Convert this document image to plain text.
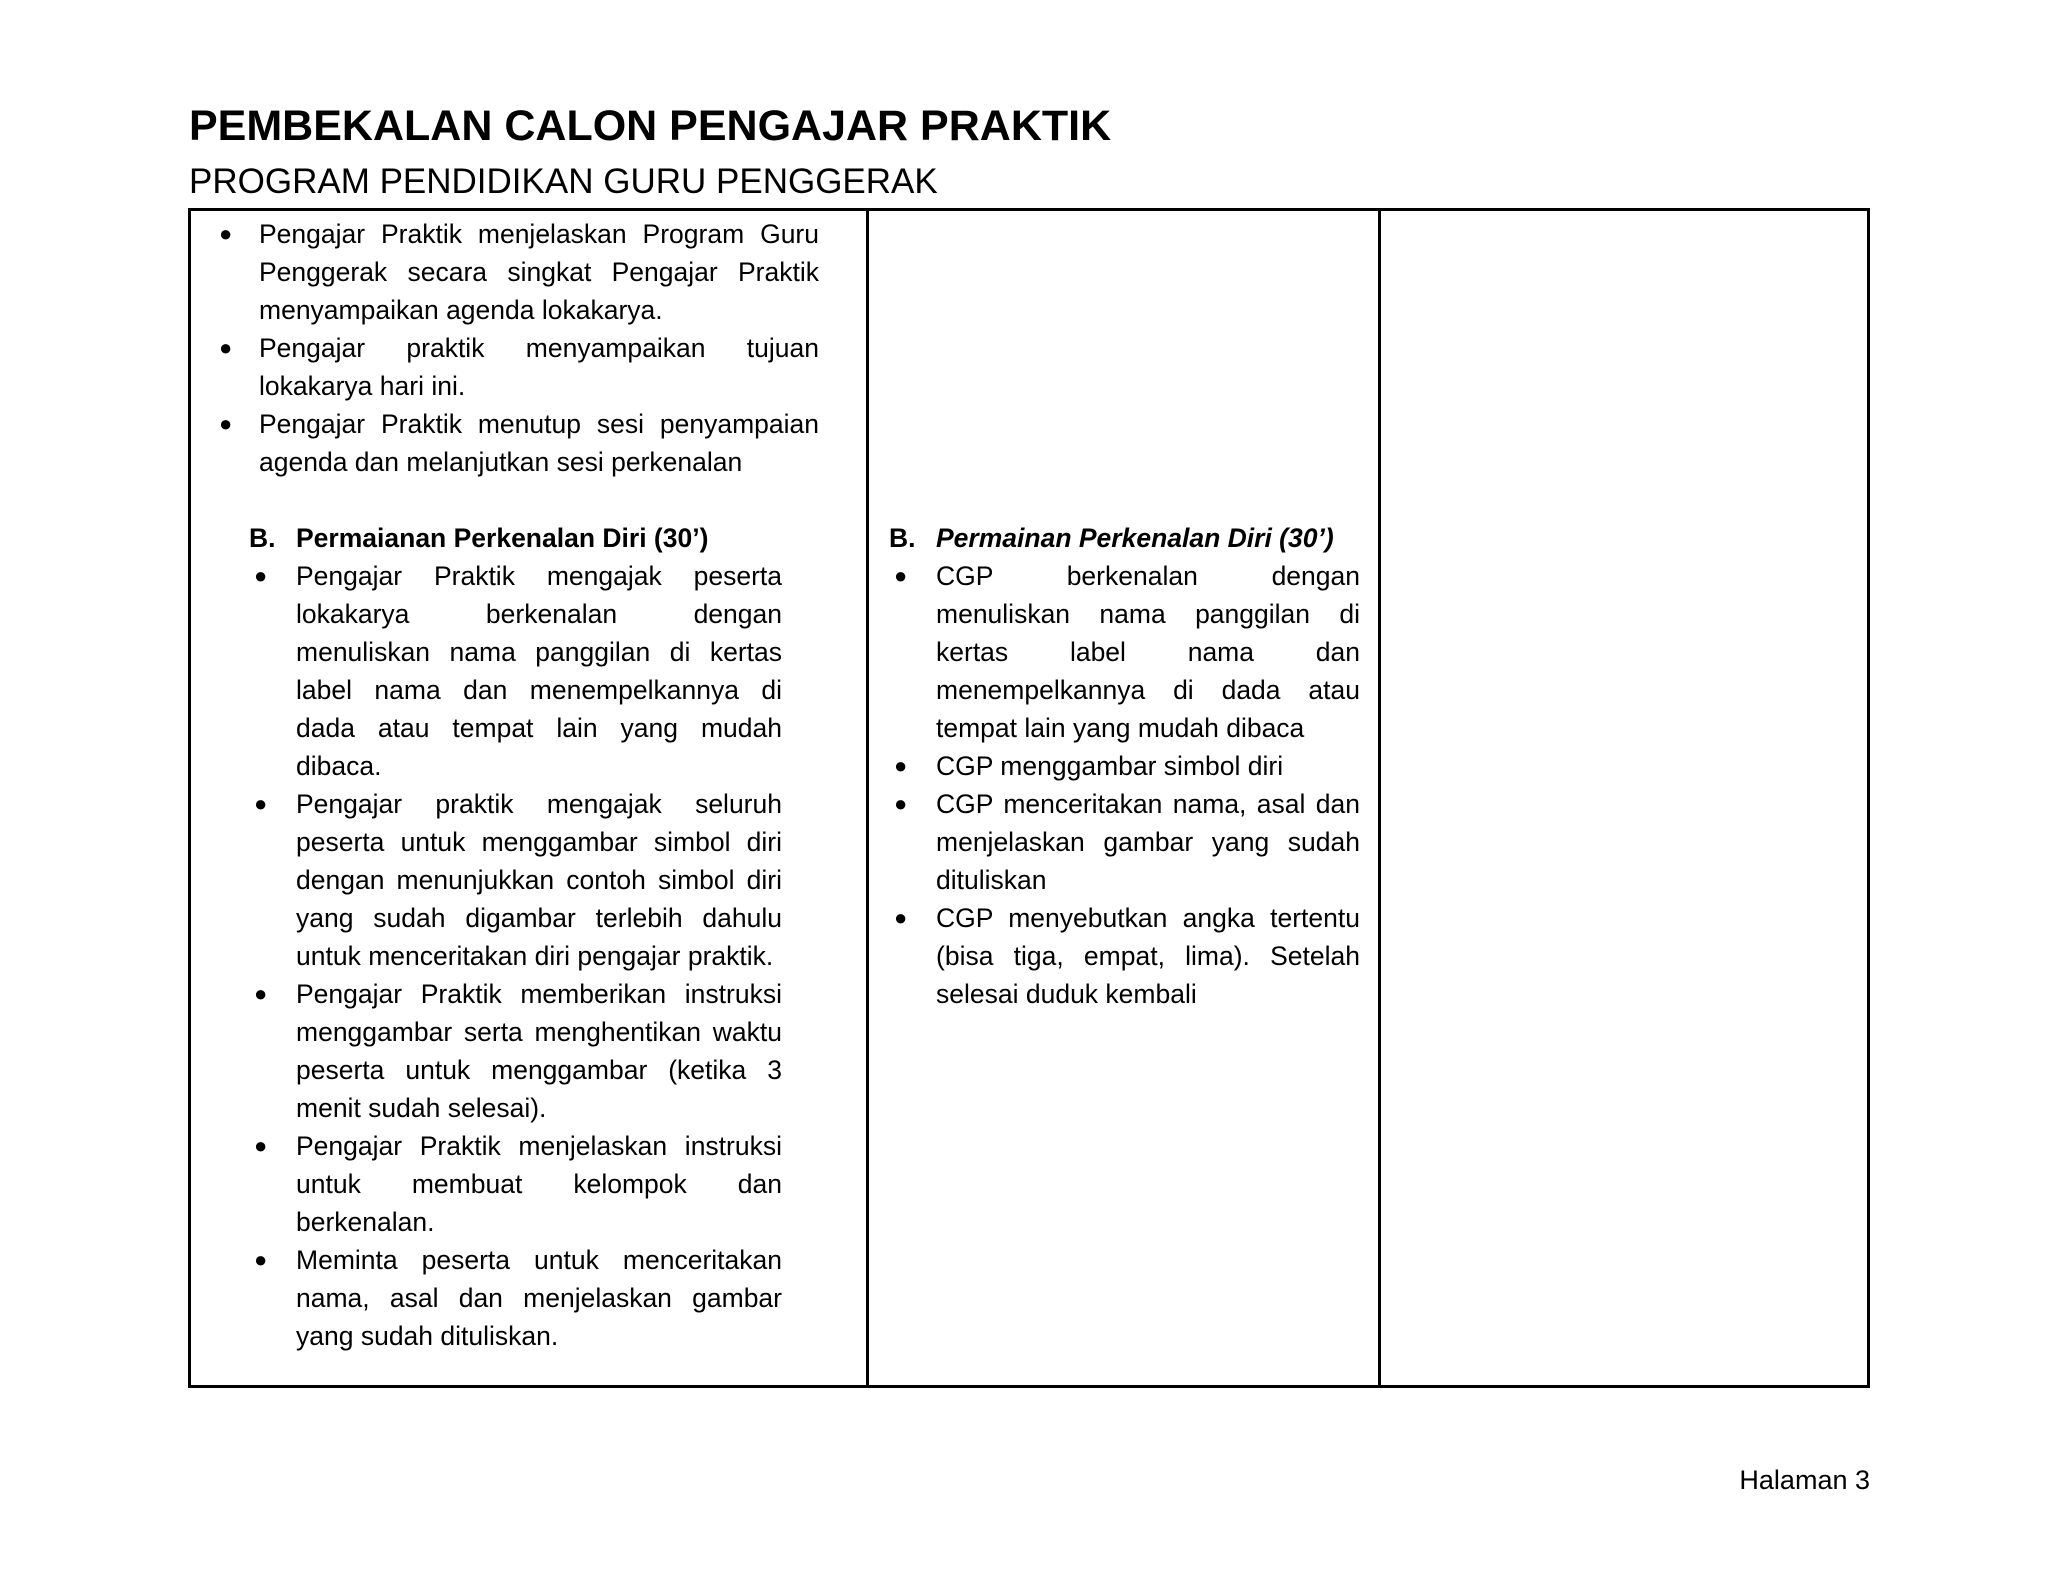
PEMBEKALAN CALON PENGAJAR PRAKTIK
PROGRAM PENDIDIKAN GURU PENGGERAK
● Pengajar Praktik menjelaskan Program Guru Penggerak secara singkat Pengajar Praktik menyampaikan agenda lokakarya.
● Pengajar praktik menyampaikan tujuan lokakarya hari ini.
● Pengajar Praktik menutup sesi penyampaian agenda dan melanjutkan sesi perkenalan
B. Permaianan Perkenalan Diri (30’)
● Pengajar Praktik mengajak peserta lokakarya berkenalan dengan menuliskan nama panggilan di kertas label nama dan menempelkannya di dada atau tempat lain yang mudah dibaca.
● Pengajar praktik mengajak seluruh peserta untuk menggambar simbol diri dengan menunjukkan contoh simbol diri yang sudah digambar terlebih dahulu untuk menceritakan diri pengajar praktik.
● Pengajar Praktik memberikan instruksi menggambar serta menghentikan waktu peserta untuk menggambar (ketika 3 menit sudah selesai).
● Pengajar Praktik menjelaskan instruksi untuk membuat kelompok dan berkenalan.
● Meminta peserta untuk menceritakan nama, asal dan menjelaskan gambar yang sudah dituliskan.
B. Permainan Perkenalan Diri (30’)
● CGP berkenalan dengan menuliskan nama panggilan di kertas label nama dan menempelkannya di dada atau tempat lain yang mudah dibaca
● CGP menggambar simbol diri
● CGP menceritakan nama, asal dan menjelaskan gambar yang sudah dituliskan
● CGP menyebutkan angka tertentu (bisa tiga, empat, lima). Setelah selesai duduk kembali
Halaman 3
